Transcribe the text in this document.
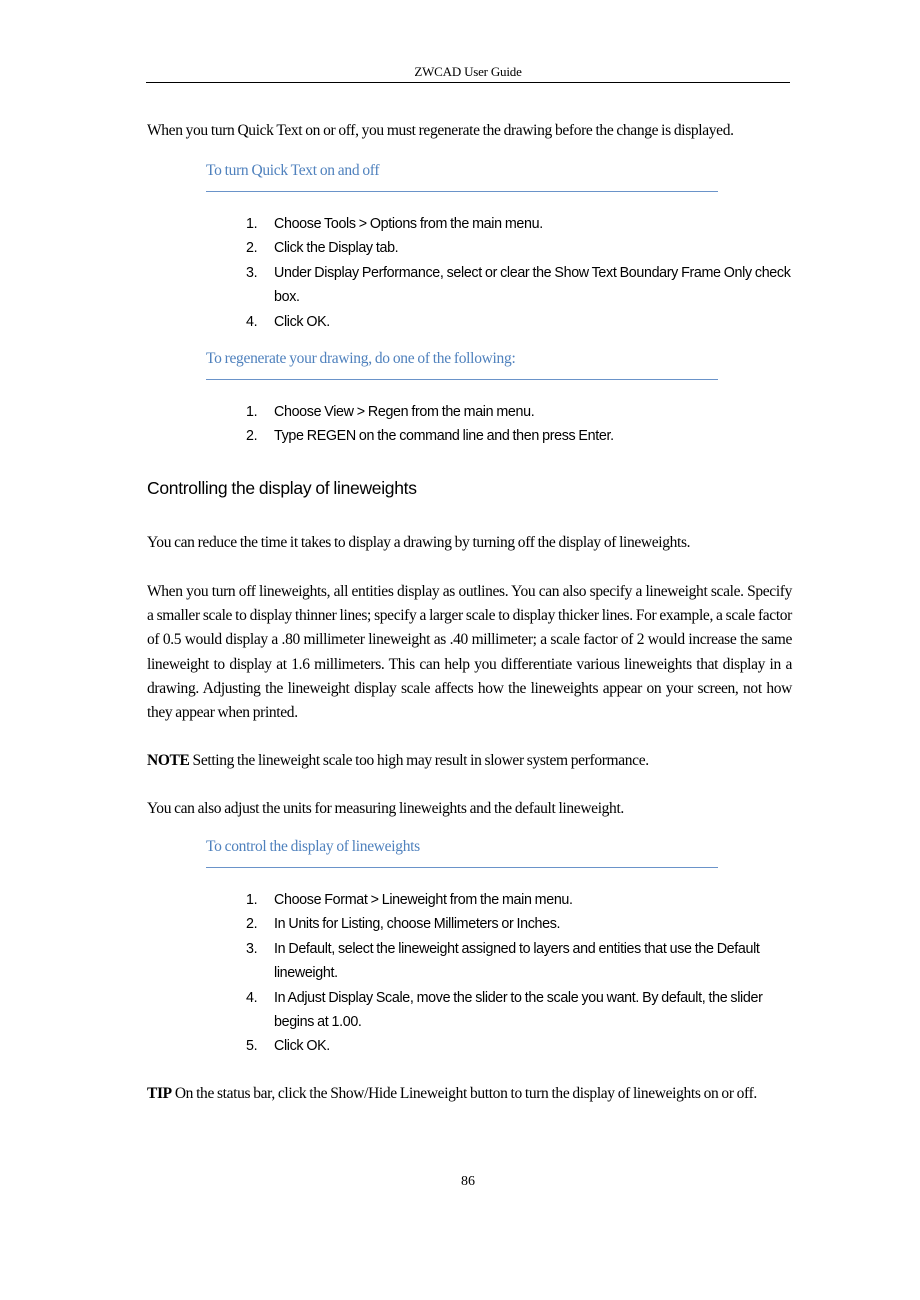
ZWCAD User Guide

When you turn Quick Text on or off, you must regenerate the drawing before the change is displayed.

To turn Quick Text on and off
1. Choose Tools > Options from the main menu.
2. Click the Display tab.
3. Under Display Performance, select or clear the Show Text Boundary Frame Only check box.
4. Click OK.
To regenerate your drawing, do one of the following:
1. Choose View > Regen from the main menu.
2. Type REGEN on the command line and then press Enter.
Controlling the display of lineweights

You can reduce the time it takes to display a drawing by turning off the display of lineweights.

When you turn off lineweights, all entities display as outlines. You can also specify a lineweight scale. Specify a smaller scale to display thinner lines; specify a larger scale to display thicker lines. For example, a scale factor of 0.5 would display a .80 millimeter lineweight as .40 millimeter; a scale factor of 2 would increase the same lineweight to display at 1.6 millimeters. This can help you differentiate various lineweights that display in a drawing. Adjusting the lineweight display scale affects how the lineweights appear on your screen, not how they appear when printed.

NOTE Setting the lineweight scale too high may result in slower system performance.

You can also adjust the units for measuring lineweights and the default lineweight.

To control the display of lineweights
1. Choose Format > Lineweight from the main menu.
2. In Units for Listing, choose Millimeters or Inches.
3. In Default, select the lineweight assigned to layers and entities that use the Default lineweight.
4. In Adjust Display Scale, move the slider to the scale you want. By default, the slider begins at 1.00.
5. Click OK.

TIP On the status bar, click the Show/Hide Lineweight button to turn the display of lineweights on or off.

86
